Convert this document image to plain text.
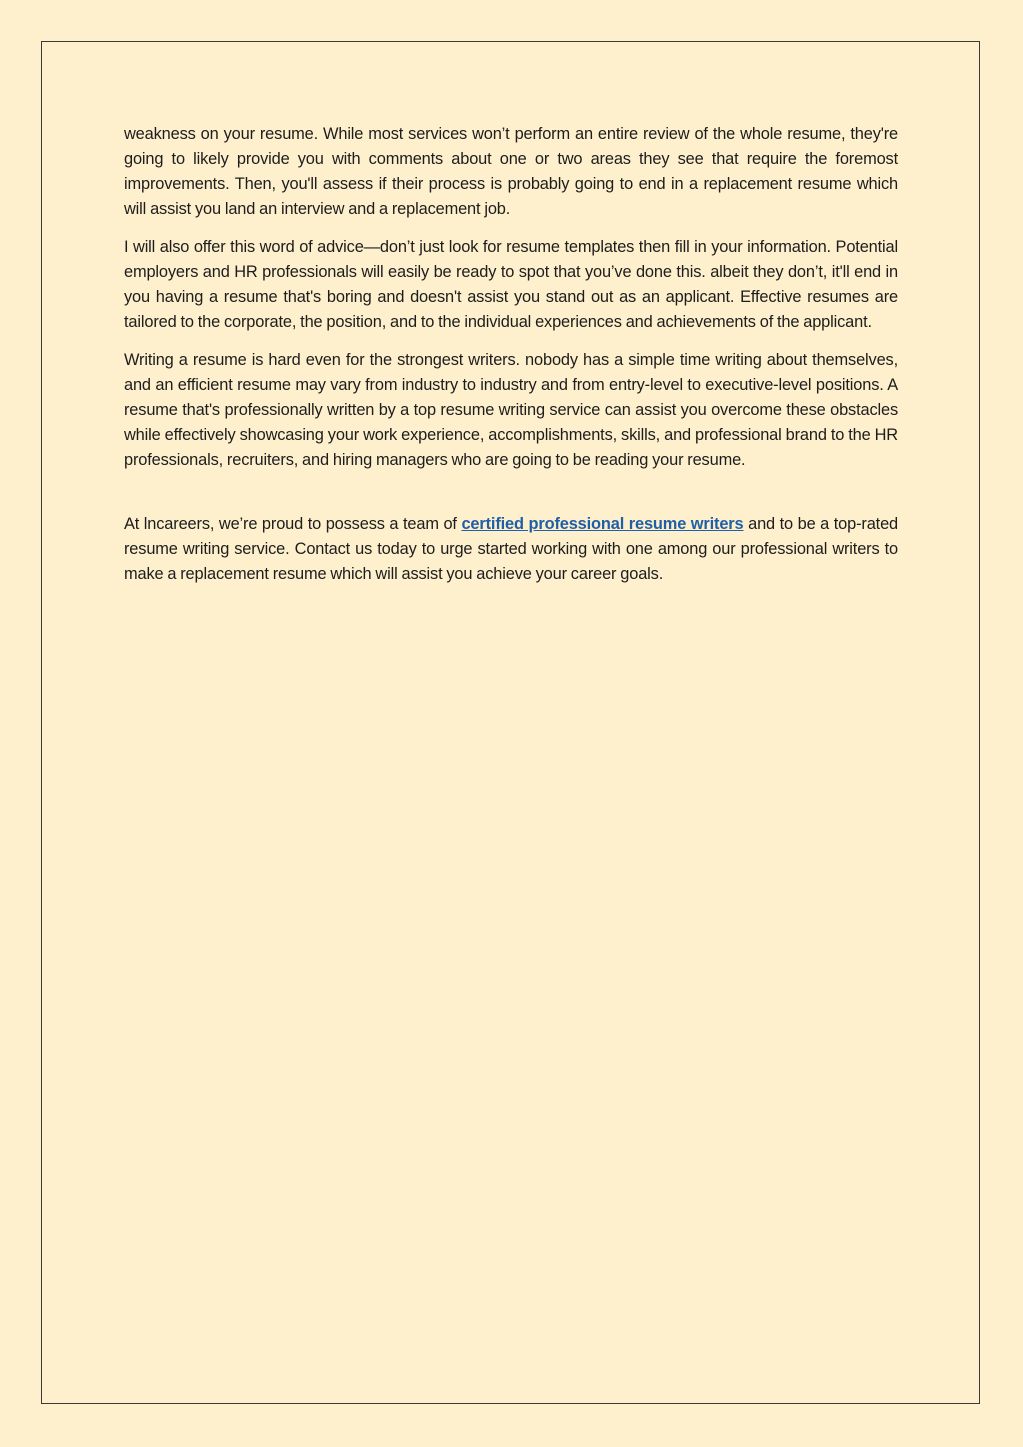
weakness on your resume. While most services won’t perform an entire review of the whole resume, they're going to likely provide you with comments about one or two areas they see that require the foremost improvements. Then, you'll assess if their process is probably going to end in a replacement resume which will assist you land an interview and a replacement job.

I will also offer this word of advice—don’t just look for resume templates then fill in your information. Potential employers and HR professionals will easily be ready to spot that you’ve done this. albeit they don’t, it'll end in you having a resume that's boring and doesn't assist you stand out as an applicant. Effective resumes are tailored to the corporate, the position, and to the individual experiences and achievements of the applicant.

Writing a resume is hard even for the strongest writers. nobody has a simple time writing about themselves, and an efficient resume may vary from industry to industry and from entry-level to executive-level positions. A resume that's professionally written by a top resume writing service can assist you overcome these obstacles while effectively showcasing your work experience, accomplishments, skills, and professional brand to the HR professionals, recruiters, and hiring managers who are going to be reading your resume.

At lncareers, we’re proud to possess a team of certified professional resume writers and to be a top-rated resume writing service. Contact us today to urge started working with one among our professional writers to make a replacement resume which will assist you achieve your career goals.
